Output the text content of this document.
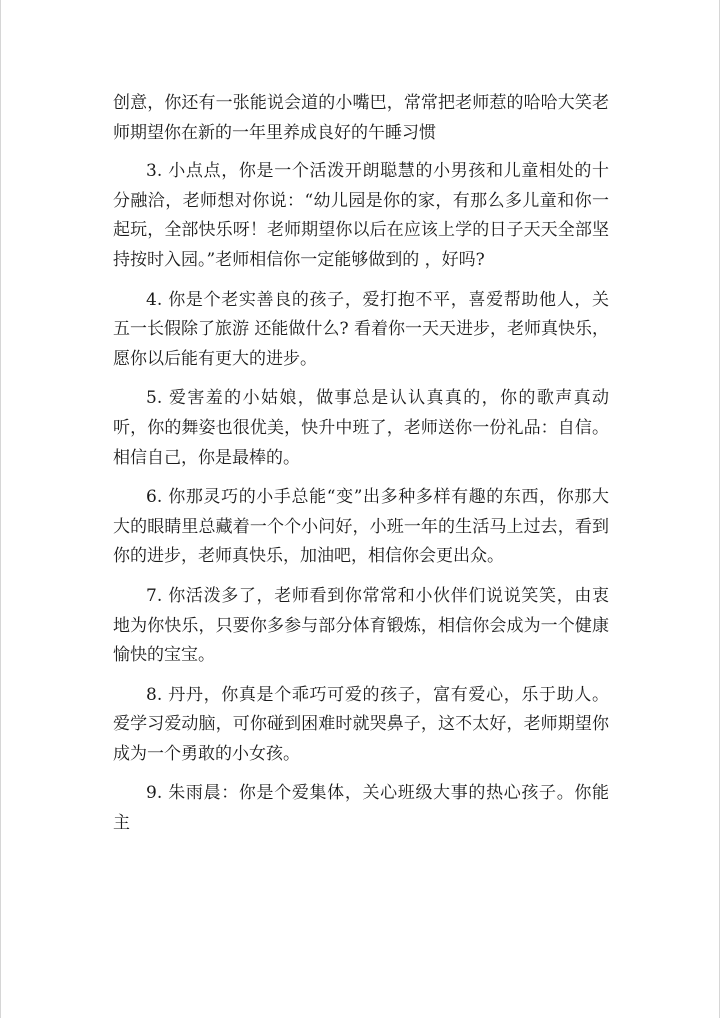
创意，你还有一张能说会道的小嘴巴，常常把老师惹的哈哈大笑老师期望你在新的一年里养成良好的午睡习惯

3. 小点点，你是一个活泼开朗聪慧的小男孩和儿童相处的十分融洽，老师想对你说：“幼儿园是你的家，有那么多儿童和你一起玩，全部快乐呀！老师期望你以后在应该上学的日子天天全部坚持按时入园。”老师相信你一定能够做到的 ，好吗?

4. 你是个老实善良的孩子，爱打抱不平，喜爱帮助他人，关五一长假除了旅游 还能做什么? 看着你一天天进步，老师真快乐，愿你以后能有更大的进步。

5. 爱害羞的小姑娘，做事总是认认真真的，你的歌声真动听，你的舞姿也很优美，快升中班了，老师送你一份礼品：自信。相信自己，你是最棒的。

6. 你那灵巧的小手总能“变”出多种多样有趣的东西，你那大大的眼睛里总藏着一个个小问好，小班一年的生活马上过去，看到你的进步，老师真快乐，加油吧，相信你会更出众。

7. 你活泼多了，老师看到你常常和小伙伴们说说笑笑，由衷地为你快乐，只要你多参与部分体育锻炼，相信你会成为一个健康愉快的宝宝。

8. 丹丹，你真是个乖巧可爱的孩子，富有爱心，乐于助人。爱学习爱动脑，可你碰到困难时就哭鼻子，这不太好，老师期望你成为一个勇敢的小女孩。

9. 朱雨晨：你是个爱集体，关心班级大事的热心孩子。你能主
